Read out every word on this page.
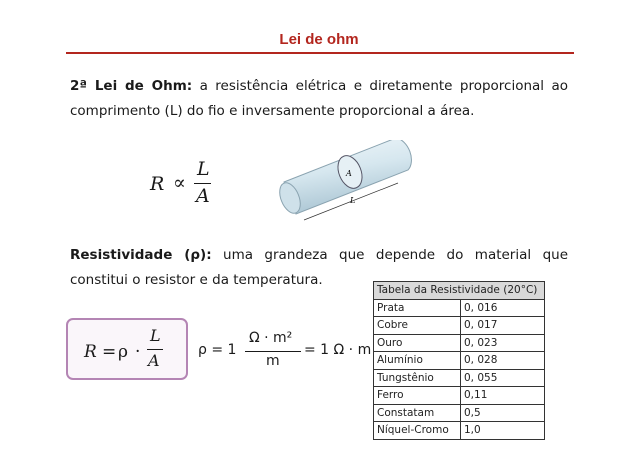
Lei de ohm
2ª Lei de Ohm: a resistência elétrica e diretamente proporcional ao comprimento (L) do fio e inversamente proporcional a área.
R ∝
L
A
A
L
Resistividade (ρ): uma grandeza que depende do material que constitui o resistor e da temperatura.
R = ρ ·
L
A
ρ = 1
Ω · m²
m
= 1 Ω · m
Tabela da Resistividade (20°C)	
Prata	0, 016
Cobre	0, 017
Ouro	0, 023
Alumínio	0, 028
Tungstênio	0, 055
Ferro	0,11
Constatam	0,5
Níquel-Cromo	1,0
